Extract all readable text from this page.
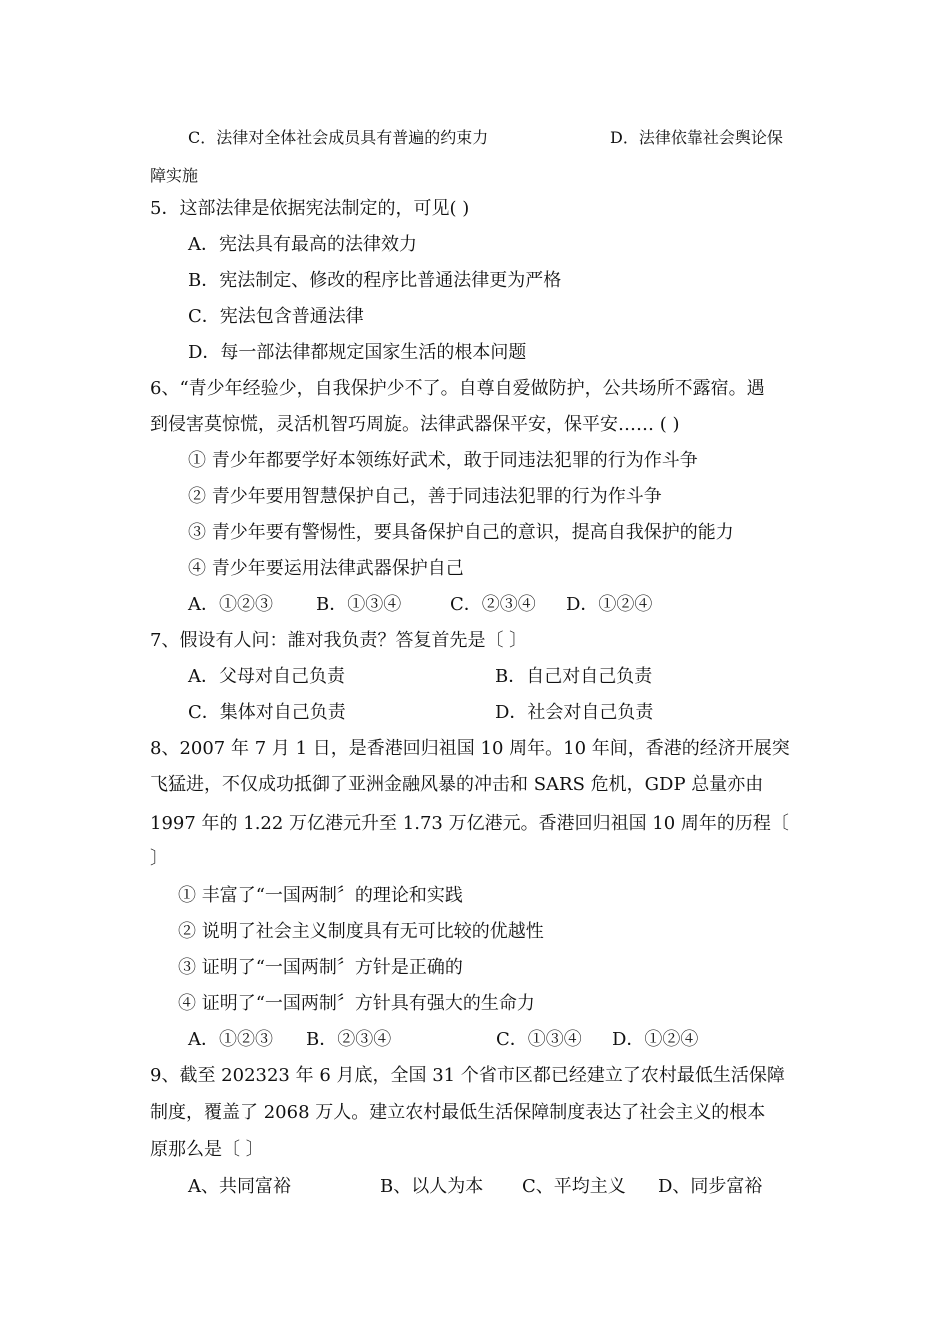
C．法律对全体社会成员具有普遍的约束力	D．法律依靠社会舆论保
障实施
5．这部法律是依据宪法制定的，可见( )
A．宪法具有最高的法律效力
B．宪法制定、修改的程序比普通法律更为严格
C．宪法包含普通法律
D．每一部法律都规定国家生活的根本问题
6、“青少年经验少，自我保护少不了。自尊自爱做防护，公共场所不露宿。遇
到侵害莫惊慌，灵活机智巧周旋。法律武器保平安，保平安…… ( )
① 青少年都要学好本领练好武术，敢于同违法犯罪的行为作斗争
② 青少年要用智慧保护自己，善于同违法犯罪的行为作斗争
③ 青少年要有警惕性，要具备保护自己的意识，提高自我保护的能力
④ 青少年要运用法律武器保护自己
A．①②③ B．①③④	C．②③④ D．①②④
7、假设有人问：誰对我负责？答复首先是〔 〕
A．父母对自己负责	B．自己对自己负责
C．集体对自己负责	D．社会对自己负责
8、2007 年 7 月 1 日，是香港回归祖国 10 周年。10 年间，香港的经济开展突
飞猛进，不仅成功抵御了亚洲金融风暴的冲击和 SARS 危机，GDP 总量亦由
1997 年的 1.22 万亿港元升至 1.73 万亿港元。香港回归祖国 10 周年的历程〔
〕
① 丰富了“一国两制〞的理论和实践
② 说明了社会主义制度具有无可比较的优越性
③ 证明了“一国两制〞方针是正确的
④ 证明了“一国两制〞方针具有强大的生命力
A．①②③ B．②③④	C．①③④ D．①②④
9、截至 202323 年 6 月底，全国 31 个省市区都已经建立了农村最低生活保障
制度，覆盖了 2068 万人。建立农村最低生活保障制度表达了社会主义的根本
原那么是〔 〕
A、共同富裕	B、以人为本 C、平均主义 D、同步富裕
